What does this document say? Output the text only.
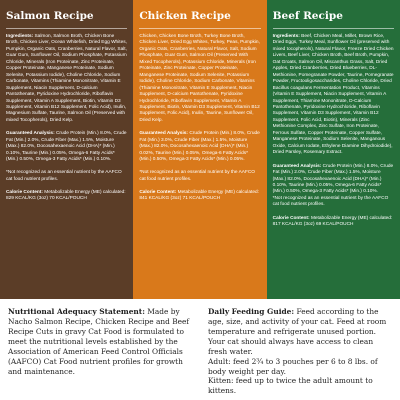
Salmon Recipe

Ingredients: Salmon, Salmon Broth, Chicken Bone Broth, Chicken Liver, Ocean Whitefish, Dried Egg Whites, Pumpkin, Organic Oats, Cranberries, Natural Flavor, Salt, Guar Gum, Sunflower Oil, Sodium Phosphate, Potassium Chloride, Minerals (Iron Proteinate, Zinc Proteinate, Copper Proteinate, Manganese Proteinate, Sodium Selenite, Potassium Iodide), Choline Chloride, Sodium Carbonate, Vitamins (Thiamine Mononitrate, Vitamin E Supplement, Niacin Supplement, D-calcium Pantothenate, Pyridoxine Hydrochloride, Riboflavin Supplement, Vitamin A Supplement, Biotin, Vitamin D3 Supplement, Vitamin B12 Supplement, Folic Acid), Inulin, Magnesium Sulfate, Taurine, Salmon Oil (Preserved with mixed Tocopherols), Dried Kelp.

Guaranteed Analysis: Crude Protein (Min.) 8.0%, Crude Fat (Min.) 2.0%, Crude Fiber (Max.) 1.5%, Moisture (Max.) 82.0%, Docosahexaenoic Acid (DHA)* (Min.) 0.10%, Taurine (Min.) 0.05%, Omega-6 Fatty Acids* (Min.) 0.50%, Omega-3 Fatty Acids* (Min.) 0.10%.

*Not recognized as an essential nutrient by the AAFCO cat food nutrient profiles.

Calorie Content: Metabolizable Energy (ME) calculated: 829 KCAL/KG (3oz) 70 KCAL/POUCH

Chicken Recipe

Chicken, Chicken Bone Broth, Turkey Bone Broth, Chicken Liver, Dried Egg Whites, Turkey, Peas, Pumpkin, Organic Oats, Cranberries, Natural Flavor, Salt, Sodium Phosphate, Guar Gum, Salmon Oil (Preserved With Mixed Tocopherols), Potassium Chloride, Minerals (Iron Proteinate, Zinc Proteinate, Copper Proteinate, Manganese Proteinate, Sodium Selenite, Potassium Iodide), Choline Chloride, Sodium Carbonate, Vitamins (Thiamine Mononitrate, Vitamin E Supplement, Niacin Supplement, D-calcium Pantothenate, Pyridoxine Hydrochloride, Riboflavin Supplement, Vitamin A Supplement, Biotin, Vitamin D3 Supplement, Vitamin B12 Supplement, Folic Acid), Inulin, Taurine, Sunflower Oil, Dried Kelp.

Guaranteed Analysis: Crude Protein (Min.) 8.0%, Crude Fat (Min.) 3.0%, Crude Fiber (Max.) 1.5%, Moisture (Max.) 82.0%, Docosahexaenoic Acid (DHA)* (Min.) 0.02%, Taurine (Min.) 0.05%, Omega-6 Fatty Acids* (Min.) 0.50%, Omega-3 Fatty Acids* (Min.) 0.05%.

*Not recognized as an essential nutrient by the AAFCO cat food nutrient profiles.

Calorie Content: Metabolizable Energy (ME) calculated: 841 KCAL/KG (3oz) 71 KCAL/POUCH

Beef Recipe

Ingredients: Beef, Chicken Meal, Millet, Brown Rice, Dried Eggs, Turkey Meal, Sunflower Oil (preserved with mixed tocopherols), Natural Flavor, Freeze Dried Chicken Livers, Beef Liver, Chicken Broth, Beef Broth, Pumpkin, Oat Groats, Salmon Oil, Miscanthus Grass, Salt, Dried Apples, Dried Cranberries, Dried Blueberries, DL-Methionine, Pomegranate Powder, Taurine, Pomegranate Powder, Fructooligosaccharides, Choline Chloride, Dried Bacillus coagulans Fermentation Product, Vitamins (Vitamin E Supplement, Niacin Supplement, Vitamin A Supplement, Thiamine Mononitrate, D-Calcium Pantothenate, Pyridoxine Hydrochloride, Riboflavin Supplement, Vitamin D3 Supplement, Vitamin B12 Supplement, Folic Acid, Biotin), Minerals (Zinc Methionine Complex, Zinc Sulfate, Iron Proteinate, Ferrous Sulfate, Copper Proteinate, Copper Sulfate, Manganese Proteinate, Sodium Selenite, Manganous Oxide, Calcium Iodate, Ethylene Diamine Dihydroiodide), Dried Parsley, Rosemary Extract.

Guaranteed Analysis: Crude Protein (Min.) 8.0%, Crude Fat (Min.) 2.0%, Crude Fiber (Max.) 1.5%, Moisture (Max.) 82.0%, Docosahexaenoic Acid (DHA)* (Min.) 0.10%, Taurine (Min.) 0.05%, Omega-6 Fatty Acids* (Min.) 0.50%, Omega-3 Fatty Acids* (Min.) 0.10%.
*Not recognized as an essential nutrient by the AAFCO cat food nutrient profiles.

Calorie Content: Metabolizable Energy (ME) calculated: 817 KCAL/KG (3oz) 69 KCAL/POUCH

Nutritional Adequacy Statement: Made by Nacho Salmon Recipe, Chicken Recipe and Beef Recipe Cuts in gravy Cat Food is formulated to meet the nutritional levels established by the Association of American Feed Control Officials (AAFCO) Cat Food nutrient profiles for growth and maintenance.

Daily Feeding Guide: Feed according to the age, size, and activity of your cat. Feed at room temperature and refrigerate unused portion. Your cat should always have access to clean fresh water.

Adult: feed 2¾ to 3 pouches per 6 to 8 lbs. of body weight per day.

Kitten: feed up to twice the adult amount to kittens.
